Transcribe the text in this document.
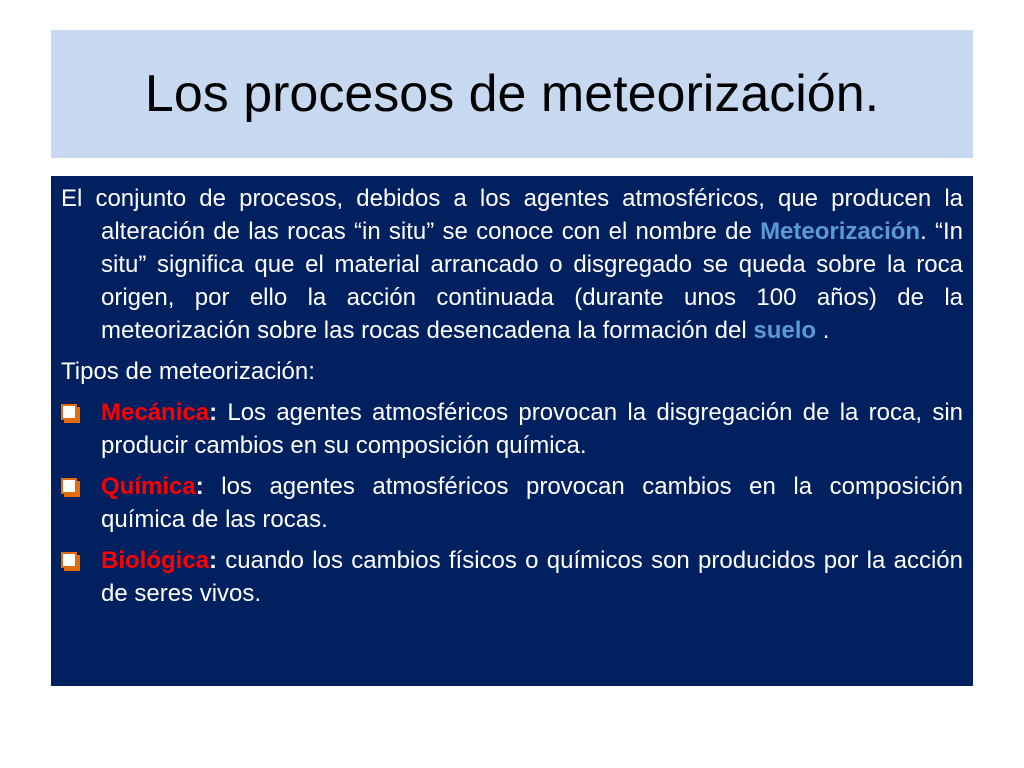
Los procesos de meteorización.

El conjunto de procesos, debidos a los agentes atmosféricos, que producen la alteración de las rocas “in situ” se conoce con el nombre de Meteorización. “In situ” significa que el material arrancado o disgregado se queda sobre la roca origen, por ello la acción continuada (durante unos 100 años) de la meteorización sobre las rocas desencadena la formación del suelo .

Tipos de meteorización:

Mecánica: Los agentes atmosféricos provocan la disgregación de la roca, sin producir cambios en su composición química.
Química: los agentes atmosféricos provocan cambios en la composición química de las rocas.
Biológica: cuando los cambios físicos o químicos son producidos por la acción de seres vivos.
